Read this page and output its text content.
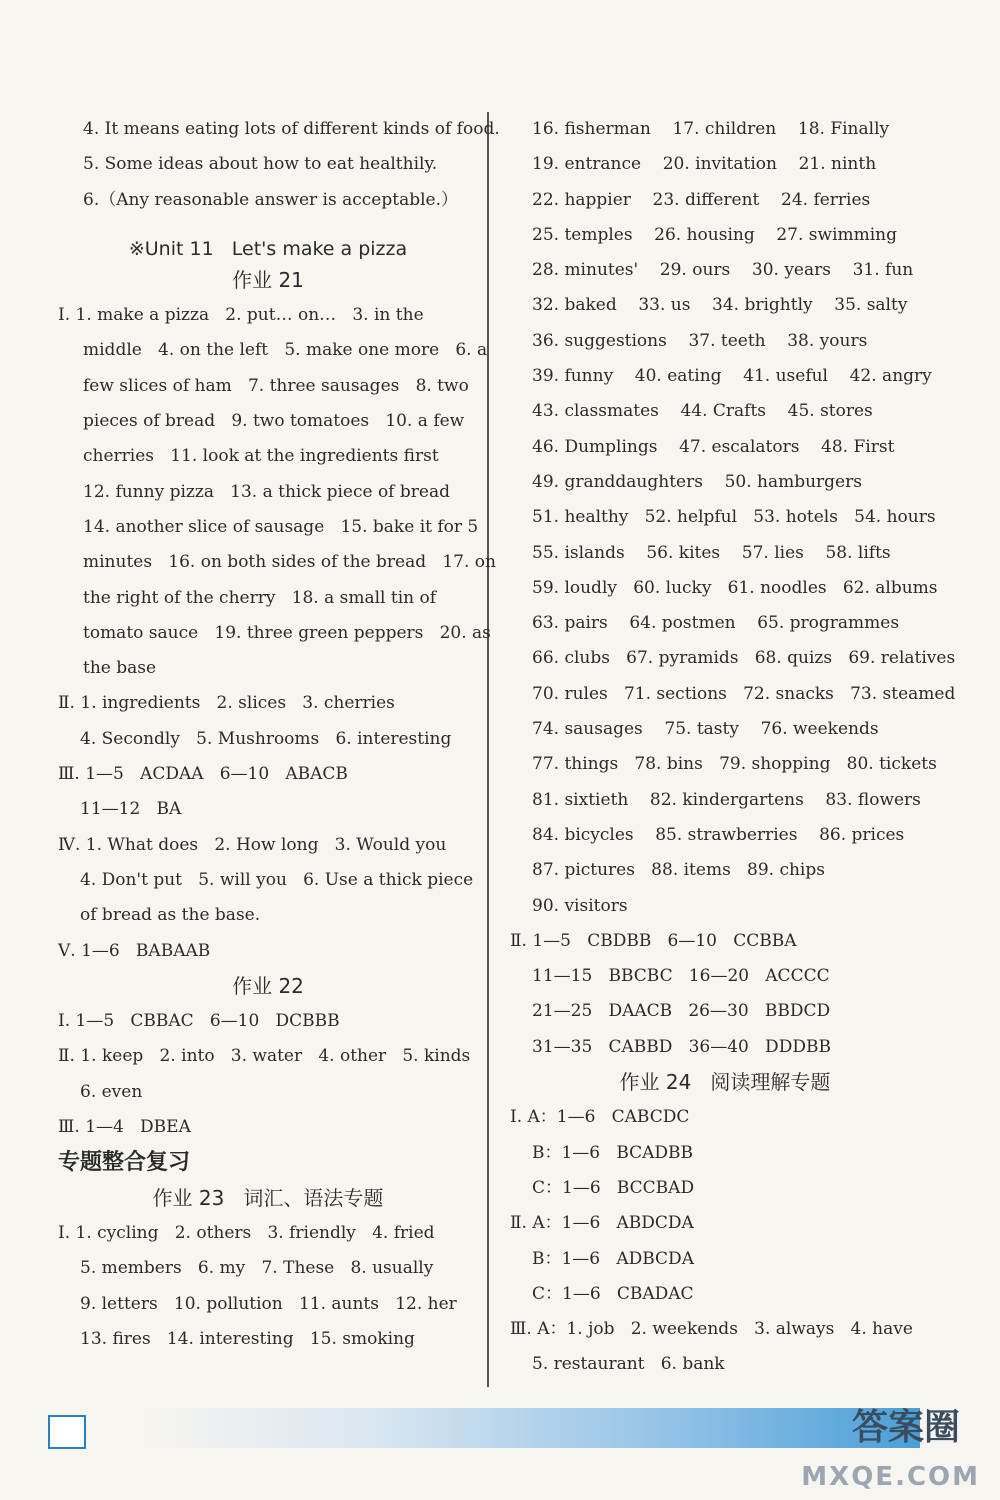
4. It means eating lots of different kinds of food.
5. Some ideas about how to eat healthily.
6.（Any reasonable answer is acceptable.）
※Unit 11   Let's make a pizza
作业 21
Ⅰ. 1. make a pizza   2. put… on…   3. in the
middle   4. on the left   5. make one more   6. a
few slices of ham   7. three sausages   8. two
pieces of bread   9. two tomatoes   10. a few
cherries   11. look at the ingredients first
12. funny pizza   13. a thick piece of bread
14. another slice of sausage   15. bake it for 5
minutes   16. on both sides of the bread   17. on
the right of the cherry   18. a small tin of
tomato sauce   19. three green peppers   20. as
the base
Ⅱ. 1. ingredients   2. slices   3. cherries
4. Secondly   5. Mushrooms   6. interesting
Ⅲ. 1—5   ACDAA   6—10   ABACB
11—12   BA
Ⅳ. 1. What does   2. How long   3. Would you
4. Don't put   5. will you   6. Use a thick piece
of bread as the base.
Ⅴ. 1—6   BABAAB
作业 22
Ⅰ. 1—5   CBBAC   6—10   DCBBB
Ⅱ. 1. keep   2. into   3. water   4. other   5. kinds
6. even
Ⅲ. 1—4   DBEA
专题整合复习
作业 23   词汇、语法专题
Ⅰ. 1. cycling   2. others   3. friendly   4. fried
5. members   6. my   7. These   8. usually
9. letters   10. pollution   11. aunts   12. her
13. fires   14. interesting   15. smoking
16. fisherman    17. children    18. Finally
19. entrance    20. invitation    21. ninth
22. happier    23. different    24. ferries
25. temples    26. housing    27. swimming
28. minutes'    29. ours    30. years    31. fun
32. baked    33. us    34. brightly    35. salty
36. suggestions    37. teeth    38. yours
39. funny    40. eating    41. useful    42. angry
43. classmates    44. Crafts    45. stores
46. Dumplings    47. escalators    48. First
49. granddaughters    50. hamburgers
51. healthy   52. helpful   53. hotels   54. hours
55. islands    56. kites    57. lies    58. lifts
59. loudly   60. lucky   61. noodles   62. albums
63. pairs    64. postmen    65. programmes
66. clubs   67. pyramids   68. quizs   69. relatives
70. rules   71. sections   72. snacks   73. steamed
74. sausages    75. tasty    76. weekends
77. things   78. bins   79. shopping   80. tickets
81. sixtieth    82. kindergartens    83. flowers
84. bicycles    85. strawberries    86. prices
87. pictures   88. items   89. chips
90. visitors
Ⅱ. 1—5   CBDBB   6—10   CCBBA
11—15   BBCBC   16—20   ACCCC
21—25   DAACB   26—30   BBDCD
31—35   CABBD   36—40   DDDBB
作业 24   阅读理解专题
Ⅰ. A：1—6   CABCDC
B：1—6   BCADBB
C：1—6   BCCBAD
Ⅱ. A：1—6   ABDCDA
B：1—6   ADBCDA
C：1—6   CBADAC
Ⅲ. A：1. job   2. weekends   3. always   4. have
5. restaurant   6. bank
答案圈
MXQE.COM
